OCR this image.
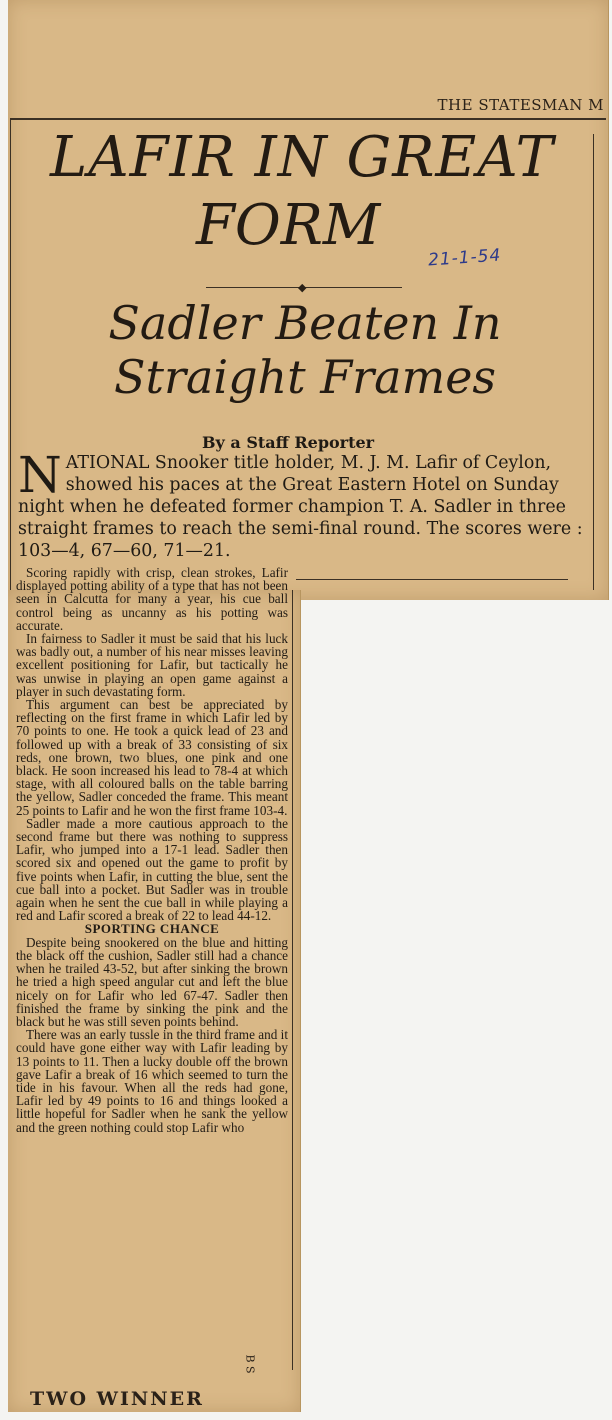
THE STATESMAN M
LAFIR IN GREAT
FORM	21-1-54
◆
Sadler Beaten In
Straight Frames
By a Staff Reporter
NATIONAL Snooker title holder, M. J. M. Lafir of Ceylon, showed his paces at the Great Eastern Hotel on Sunday night when he defeated former champion T. A. Sadler in three straight frames to reach the semi-final round. The scores were : 103—4, 67—60, 71—21.

Scoring rapidly with crisp, clean strokes, Lafir displayed potting ability of a type that has not been seen in Calcutta for many a year, his cue ball control being as uncanny as his potting was accurate.

In fairness to Sadler it must be said that his luck was badly out, a number of his near misses leaving excellent positioning for Lafir, but tactically he was unwise in playing an open game against a player in such devastating form.

This argument can best be appreciated by reflecting on the first frame in which Lafir led by 70 points to one. He took a quick lead of 23 and followed up with a break of 33 consisting of six reds, one brown, two blues, one pink and one black. He soon increased his lead to 78-4 at which stage, with all coloured balls on the table barring the yellow, Sadler conceded the frame. This meant 25 points to Lafir and he won the first frame 103-4.

Sadler made a more cautious approach to the second frame but there was nothing to suppress Lafir, who jumped into a 17-1 lead. Sadler then scored six and opened out the game to profit by five points when Lafir, in cutting the blue, sent the cue ball into a pocket. But Sadler was in trouble again when he sent the cue ball in while playing a red and Lafir scored a break of 22 to lead 44-12.

SPORTING CHANCE

Despite being snookered on the blue and hitting the black off the cushion, Sadler still had a chance when he trailed 43-52, but after sinking the brown he tried a high speed angular cut and left the blue nicely on for Lafir who led 67-47. Sadler then finished the frame by sinking the pink and the black but he was still seven points behind.

There was an early tussle in the third frame and it could have gone either way with Lafir leading by 13 points to 11. Then a lucky double off the brown gave Lafir a break of 16 which seemed to turn the tide in his favour. When all the reds had gone, Lafir led by 49 points to 16 and things looked a little hopeful for Sadler when he sank the yellow and the green nothing could stop Lafir who

B S
TWO WINNER
